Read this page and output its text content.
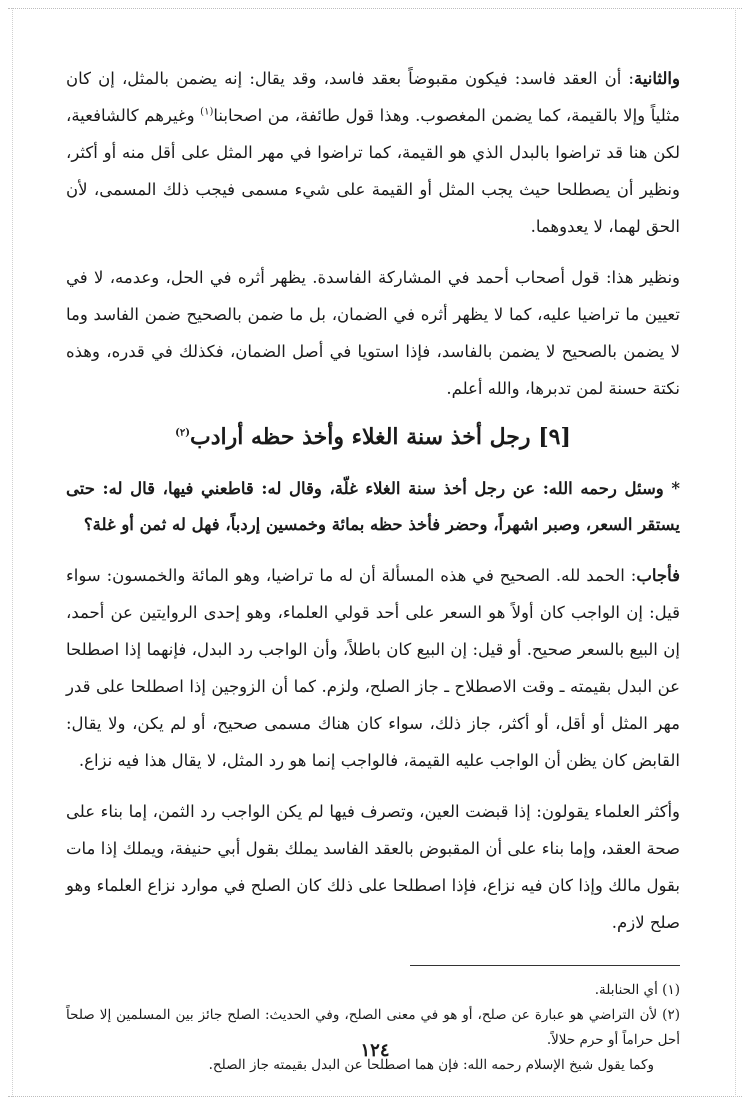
والثانية: أن العقد فاسد: فيكون مقبوضاً بعقد فاسد، وقد يقال: إنه يضمن بالمثل، إن كان مثلياً وإلا بالقيمة، كما يضمن المغصوب. وهذا قول طائفة، من اصحابنا$^{(١)}$ وغيرهم كالشافعية، لكن هنا قد تراضوا بالبدل الذي هو القيمة، كما تراضوا في مهر المثل على أقل منه أو أكثر، ونظير أن يصطلحا حيث يجب المثل أو القيمة على شيء مسمى فيجب ذلك المسمى، لأن الحق لهما، لا يعدوهما.

ونظير هذا: قول أصحاب أحمد في المشاركة الفاسدة. يظهر أثره في الحل، وعدمه، لا في تعيين ما تراضيا عليه، كما لا يظهر أثره في الضمان، بل ما ضمن بالصحيح ضمن الفاسد وما لا يضمن بالصحيح لا يضمن بالفاسد، فإذا استويا في أصل الضمان، فكذلك في قدره، وهذه نكتة حسنة لمن تدبرها، والله أعلم.

[٩] رجل أخذ سنة الغلاء وأخذ حظه أرادب$^{(٢)}$

* وسئل رحمه الله: عن رجل أخذ سنة الغلاء غلّة، وقال له: قاطعني فيها، قال له: حتى يستقر السعر، وصبر اشهراً، وحضر فأخذ حظه بمائة وخمسين إردباً، فهل له ثمن أو غلة؟

فأجاب: الحمد لله. الصحيح في هذه المسألة أن له ما تراضيا، وهو المائة والخمسون: سواء قيل: إن الواجب كان أولاً هو السعر على أحد قولي العلماء، وهو إحدى الروايتين عن أحمد، إن البيع بالسعر صحيح. أو قيل: إن البيع كان باطلاً، وأن الواجب رد البدل، فإنهما إذا اصطلحا عن البدل بقيمته ـ وقت الاصطلاح ـ جاز الصلح، ولزم. كما أن الزوجين إذا اصطلحا على قدر مهر المثل أو أقل، أو أكثر، جاز ذلك، سواء كان هناك مسمى صحيح، أو لم يكن، ولا يقال: القابض كان يظن أن الواجب عليه القيمة، فالواجب إنما هو رد المثل، لا يقال هذا فيه نزاع.

وأكثر العلماء يقولون: إذا قبضت العين، وتصرف فيها لم يكن الواجب رد الثمن، إما بناء على صحة العقد، وإما بناء على أن المقبوض بالعقد الفاسد يملك بقول أبي حنيفة، ويملك إذا مات بقول مالك وإذا كان فيه نزاع، فإذا اصطلحا على ذلك كان الصلح في موارد نزاع العلماء وهو صلح لازم.

(١) أي الحنابلة.

(٢) لأن التراضي هو عبارة عن صلح، أو هو في معنى الصلح، وفي الحديث: الصلح جائز بين المسلمين إلا صلحاً أحل حراماً أو حرم حلالاً.

وكما يقول شيخ الإسلام رحمه الله: فإن هما اصطلحا عن البدل بقيمته جاز الصلح.

١٢٤
